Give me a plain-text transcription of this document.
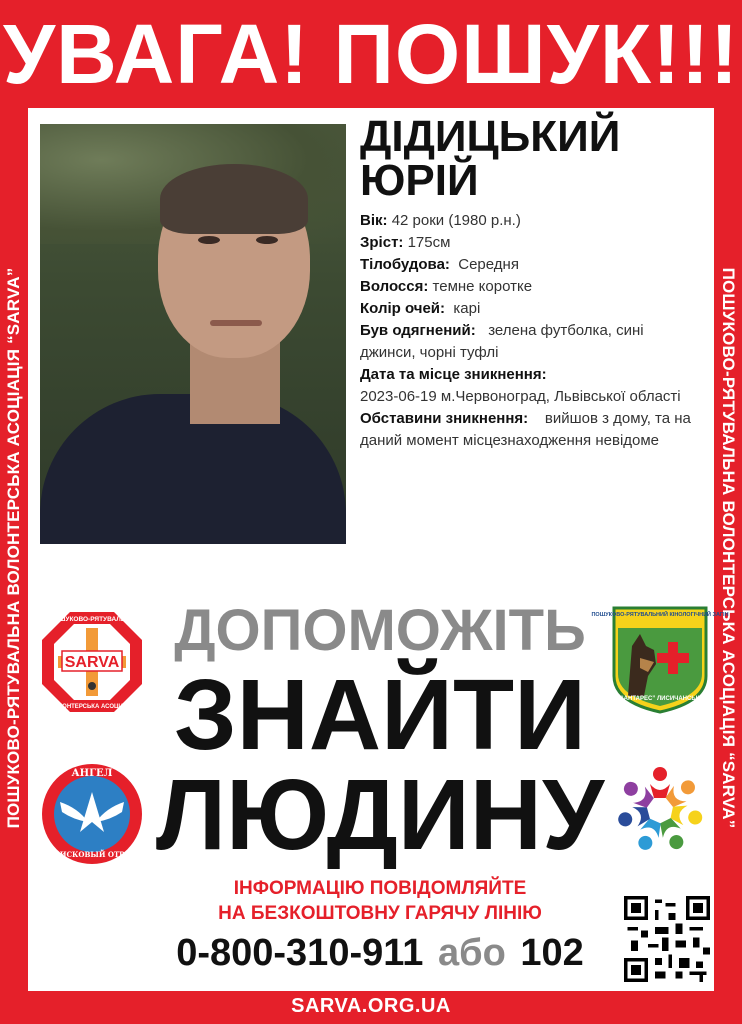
УВАГА! ПОШУК!!!
ПОШУКОВО-РЯТУВАЛЬНА ВОЛОНТЕРСЬКА АСОЦІАЦІЯ “SARVA”	ПОШУКОВО-РЯТУВАЛЬНА ВОЛОНТЕРСЬКА АСОЦІАЦІЯ “SARVA”
ДІДИЦЬКИЙ
ЮРІЙ
Вік: 42 роки (1980 р.н.)
Зріст: 175см
Тілобудова: Середня
Волосся: темне коротке
Колір очей: карі
Був одягнений: зелена футболка, сині джинси, чорні туфлі
Дата та місце зникнення:
2023-06-19 м.Червоноград, Львівської області
Обставини зникнення: вийшов з дому, та на даний момент місцезнаходження невідоме
SARVA
ПОШУКОВО-РЯТУВАЛЬНА
ВОЛОНТЕРСЬКА АСОЦІАЦІЯ
АНГЕЛ
ПОИСКОВЫЙ ОТРЯД
ПОШУКОВО-РЯТУВАЛЬНИЙ КІНОЛОГІЧНИЙ ЗАГІН
“АНТАРЕС” ЛИСИЧАНСЬК
ДОПОМОЖІТЬ
ЗНАЙТИ
ЛЮДИНУ
ІНФОРМАЦІЮ ПОВІДОМЛЯЙТЕ
НА БЕЗКОШТОВНУ ГАРЯЧУ ЛІНІЮ
0-800-310-911 або 102
SARVA.ORG.UA
